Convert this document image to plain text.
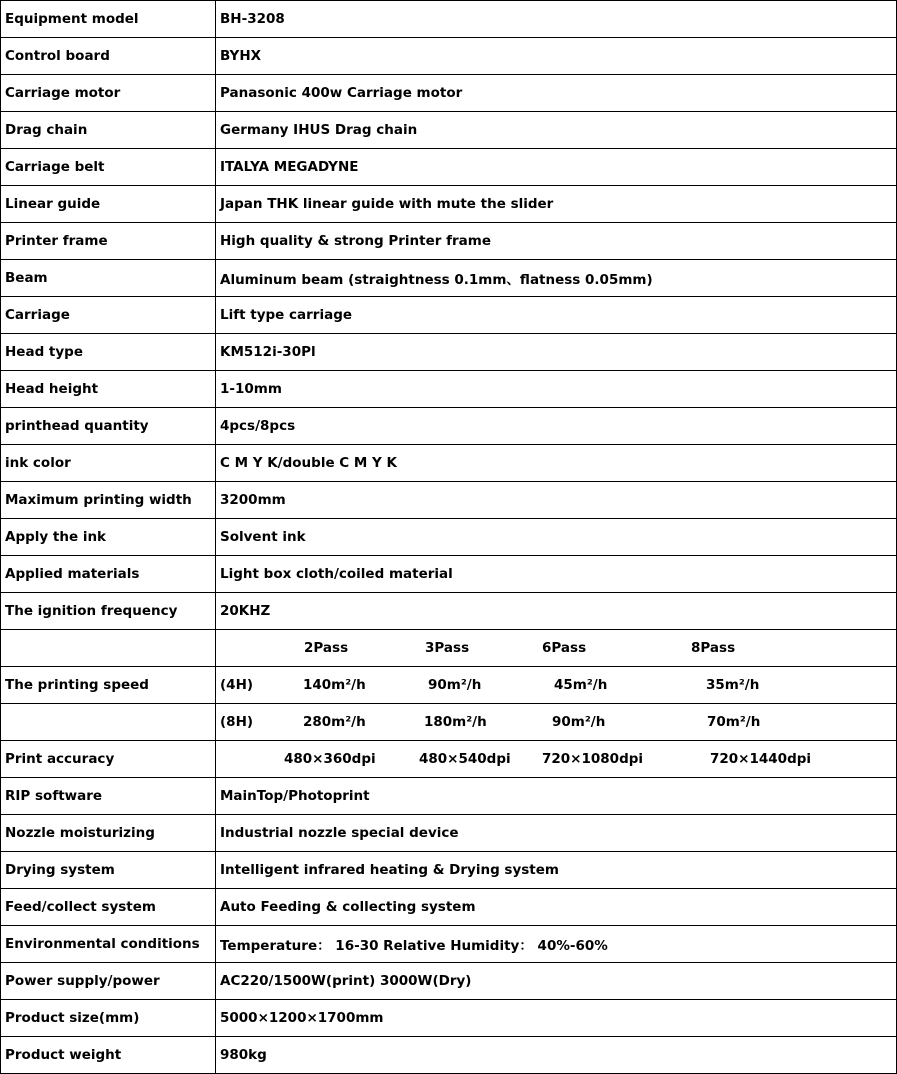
Equipment model	BH-3208
Control board	BYHX
Carriage motor	Panasonic 400w Carriage motor
Drag chain	Germany IHUS Drag chain
Carriage belt	ITALYA MEGADYNE
Linear guide	Japan THK linear guide with mute the slider
Printer frame	High quality & strong Printer frame
Beam	Aluminum beam (straightness 0.1mm、flatness 0.05mm)
Carriage	Lift type carriage
Head type	KM512i-30Pl
Head height	1-10mm
printhead quantity	4pcs/8pcs
ink color	C M Y K/double C M Y K
Maximum printing width	3200mm
Apply the ink	Solvent ink
Applied materials	Light box cloth/coiled material
The ignition frequency	20KHZ

	2Pass 3Pass 6Pass 8Pass

The printing speed	(4H) 140m²/h 90m²/h 45m²/h 35m²/h

	(8H) 280m²/h 180m²/h 90m²/h 70m²/h

Print accuracy	480×360dpi 480×540dpi 720×1080dpi 720×1440dpi

RIP software	MainTop/Photoprint
Nozzle moisturizing	Industrial nozzle special device
Drying system	Intelligent infrared heating & Drying system
Feed/collect system	Auto Feeding & collecting system
Environmental conditions	Temperature： 16-30 Relative Humidity： 40%-60%
Power supply/power	AC220/1500W(print) 3000W(Dry)
Product size(mm)	5000×1200×1700mm
Product weight	980kg
